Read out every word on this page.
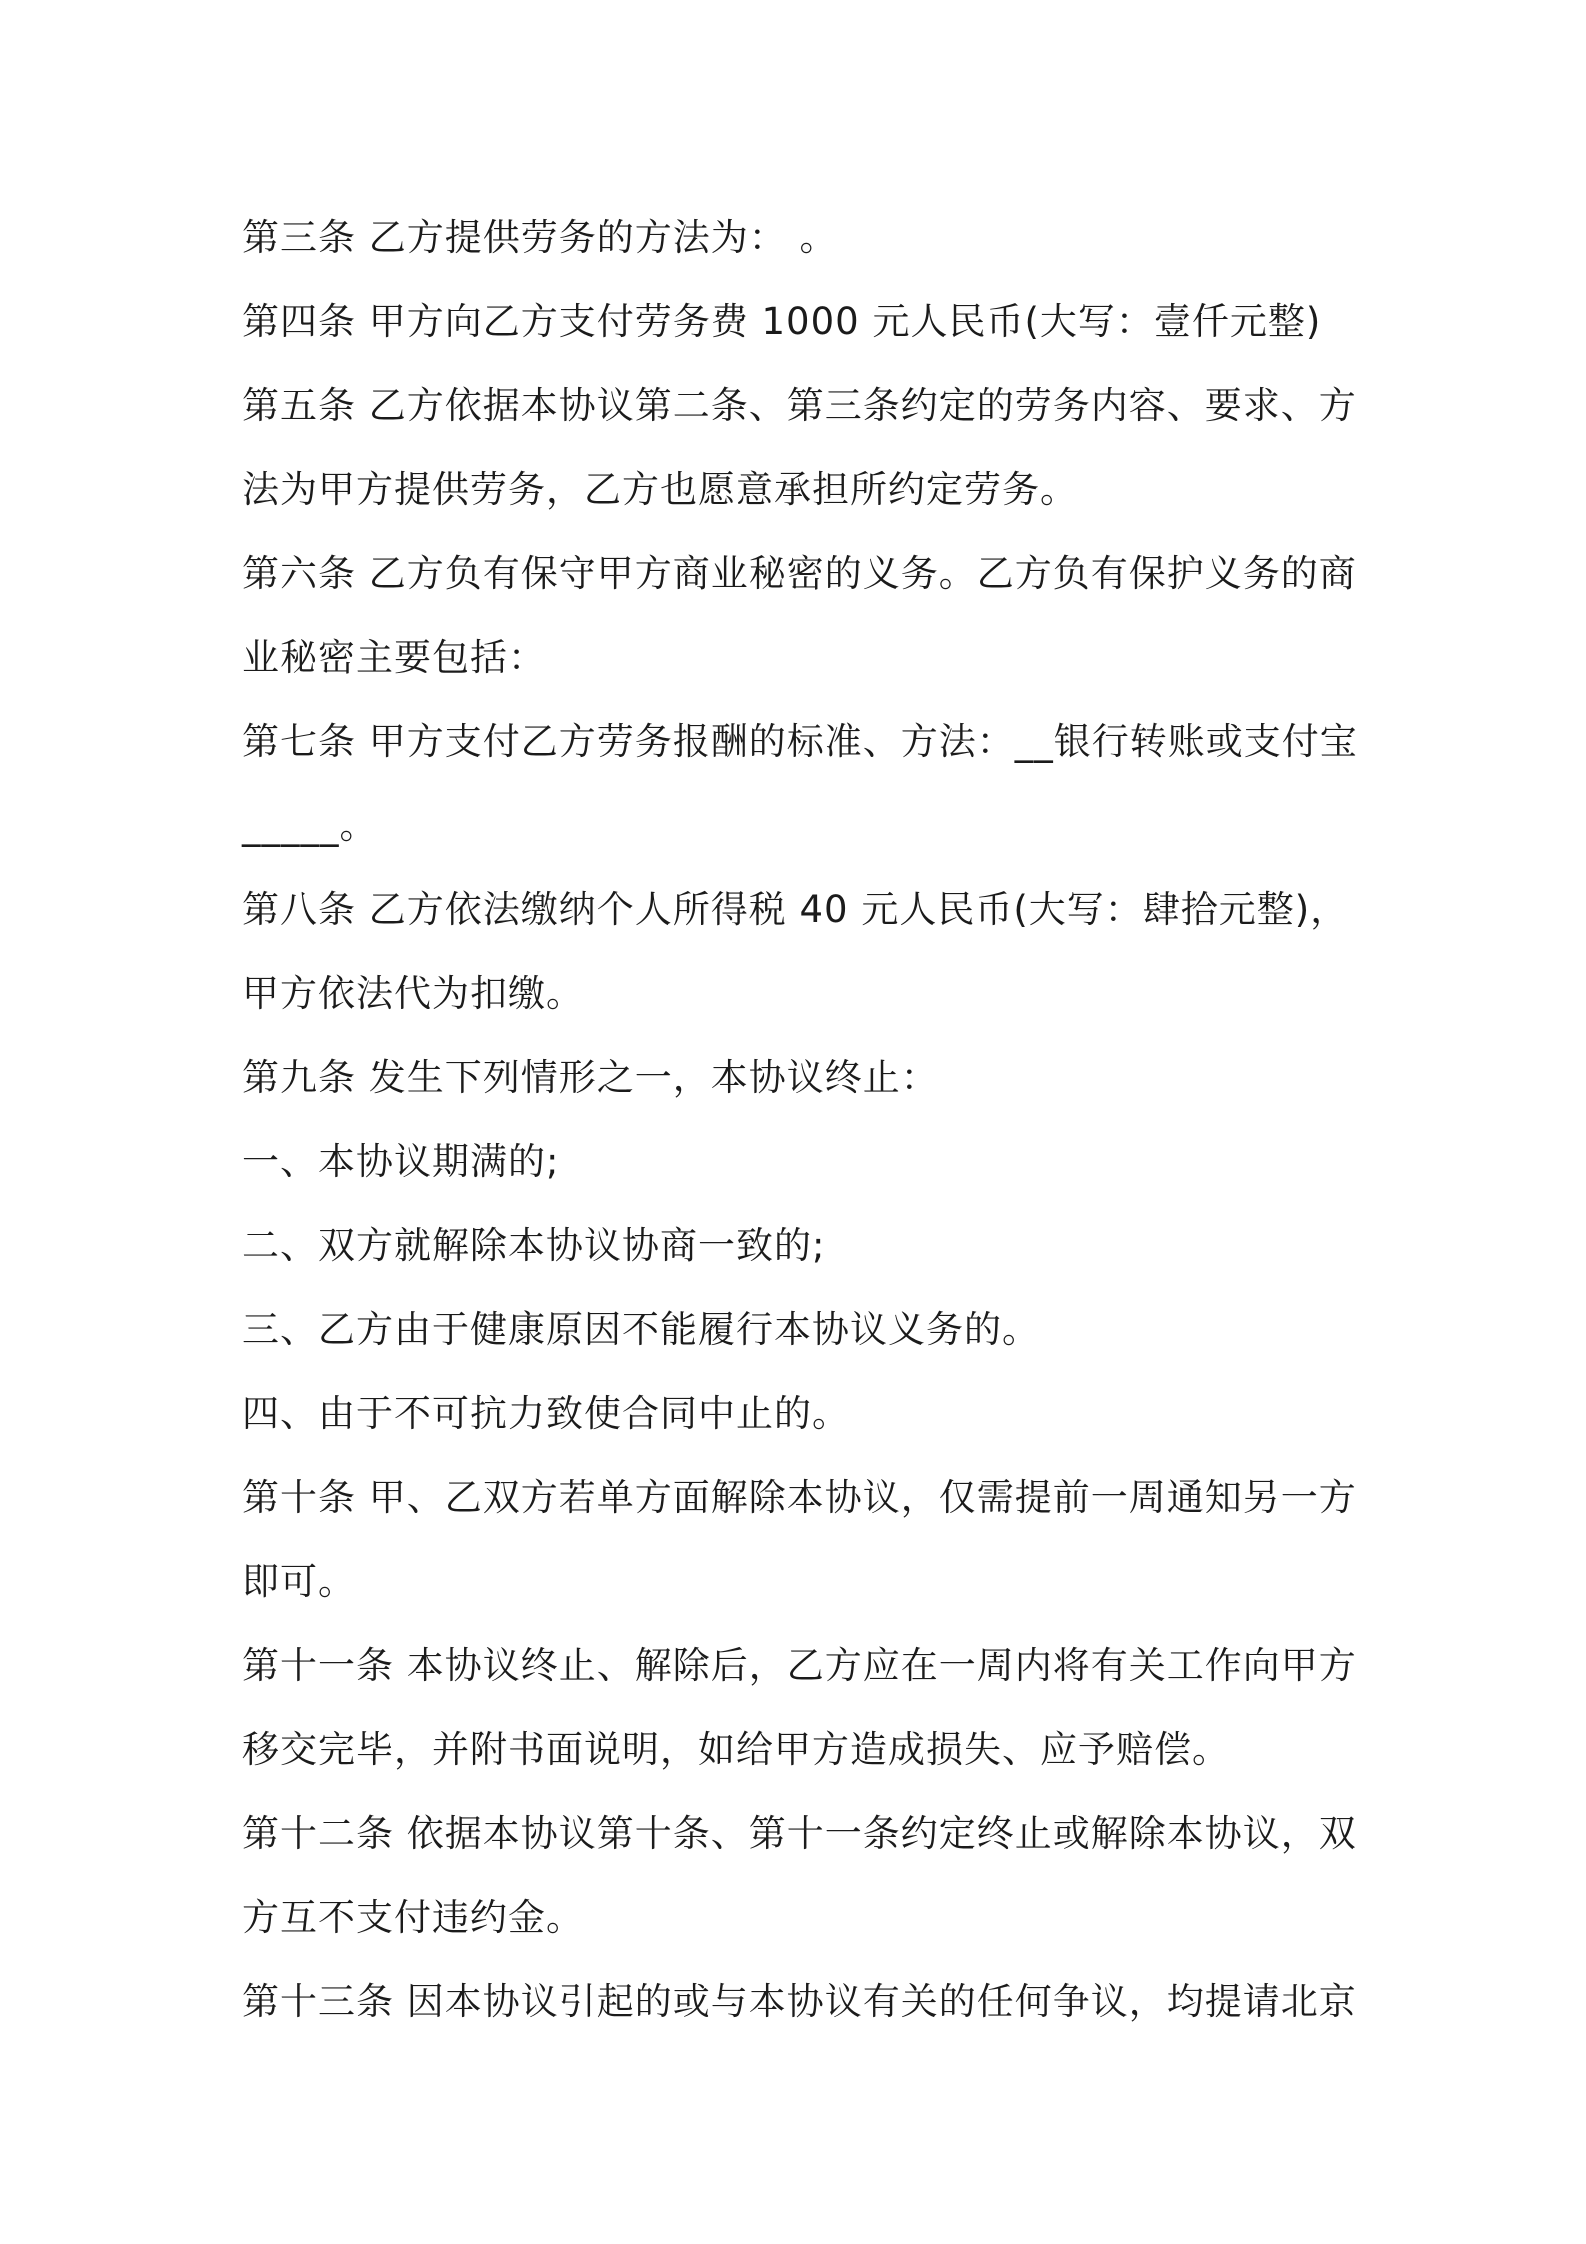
第三条 乙方提供劳务的方法为： 。
第四条 甲方向乙方支付劳务费 1000 元人民币(大写：壹仟元整)
第五条 乙方依据本协议第二条、第三条约定的劳务内容、要求、方
法为甲方提供劳务，乙方也愿意承担所约定劳务。
第六条 乙方负有保守甲方商业秘密的义务。乙方负有保护义务的商
业秘密主要包括：
第七条 甲方支付乙方劳务报酬的标准、方法：__银行转账或支付宝
_____。
第八条 乙方依法缴纳个人所得税 40 元人民币(大写：肆拾元整)，
甲方依法代为扣缴。
第九条 发生下列情形之一，本协议终止：
一、本协议期满的;
二、双方就解除本协议协商一致的;
三、乙方由于健康原因不能履行本协议义务的。
四、由于不可抗力致使合同中止的。
第十条 甲、乙双方若单方面解除本协议，仅需提前一周通知另一方
即可。
第十一条 本协议终止、解除后，乙方应在一周内将有关工作向甲方
移交完毕，并附书面说明，如给甲方造成损失、应予赔偿。
第十二条 依据本协议第十条、第十一条约定终止或解除本协议，双
方互不支付违约金。
第十三条 因本协议引起的或与本协议有关的任何争议，均提请北京
